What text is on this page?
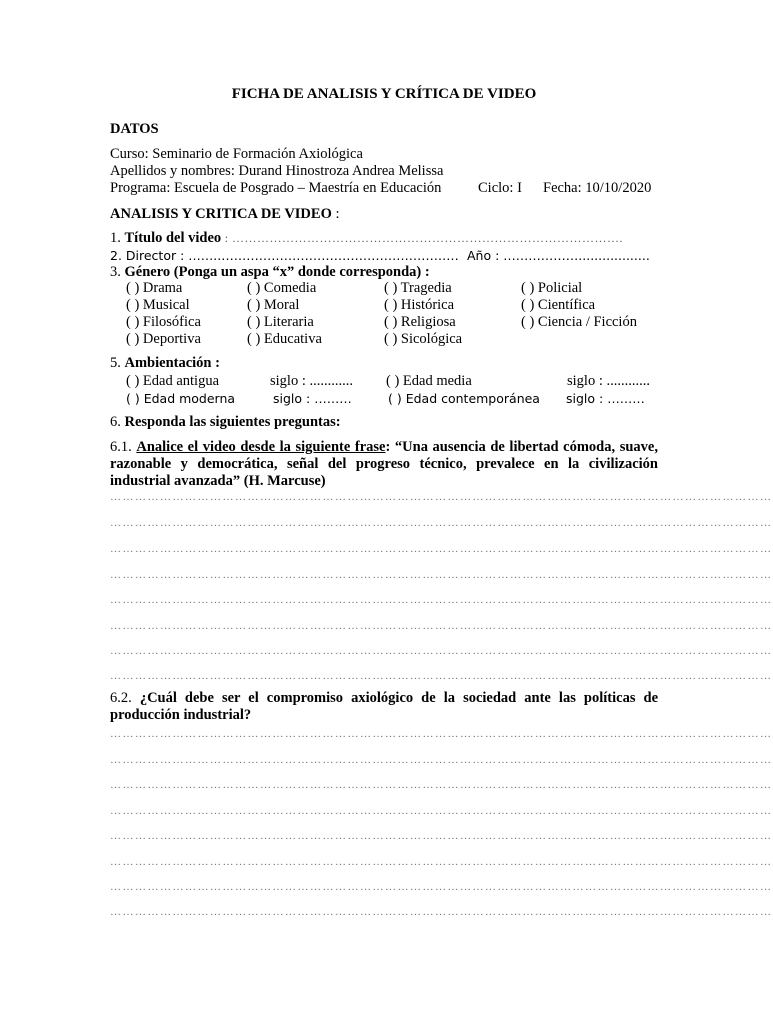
FICHA DE ANALISIS Y CRÍTICA DE VIDEO
DATOS
Curso: Seminario de Formación Axiológica
Apellidos y nombres: Durand Hinostroza Andrea Melissa
Programa: Escuela de Posgrado – Maestría en Educación	Ciclo: I Fecha: 10/10/2020
ANALISIS Y CRITICA DE VIDEO :
1. Título del video : ………………………………………………………………………………….
2. Director : ……..………………………………………………… Año : ………………..................
3. Género (Ponga un aspa “x” donde corresponda) :
( ) Drama	( ) Comedia	( ) Tragedia	( ) Policial
( ) Musical	( ) Moral	( ) Histórica	( ) Científica
( ) Filosófica	( ) Literaria	( ) Religiosa	( ) Ciencia / Ficción
( ) Deportiva	( ) Educativa	( ) Sicológica
5. Ambientación :
( ) Edad antigua	siglo : ............ ( ) Edad media	siglo : ............
( ) Edad moderna	siglo : ………	( ) Edad contemporánea siglo : ………
6. Responda las siguientes preguntas:
6.1. Analice el video desde la siguiente frase: “Una ausencia de libertad cómoda, suave, razonable y democrática, señal del progreso técnico, prevalece en la civilización industrial avanzada” (H. Marcuse)
……………………………………………………………………………………………………………………………………………
……………………………………………………………………………………………………………………………………………
……………………………………………………………………………………………………………………………………………
……………………………………………………………………………………………………………………………………………
……………………………………………………………………………………………………………………………………………
……………………………………………………………………………………………………………………………………………
……………………………………………………………………………………………………………………………………………
……………………………………………………………………………………………………………………………………………
6.2. ¿Cuál debe ser el compromiso axiológico de la sociedad ante las políticas de producción industrial?
……………………………………………………………………………………………………………………………………………
……………………………………………………………………………………………………………………………………………
……………………………………………………………………………………………………………………………………………
……………………………………………………………………………………………………………………………………………
……………………………………………………………………………………………………………………………………………
……………………………………………………………………………………………………………………………………………
……………………………………………………………………………………………………………………………………………
……………………………………………………………………………………………………………………………………………
